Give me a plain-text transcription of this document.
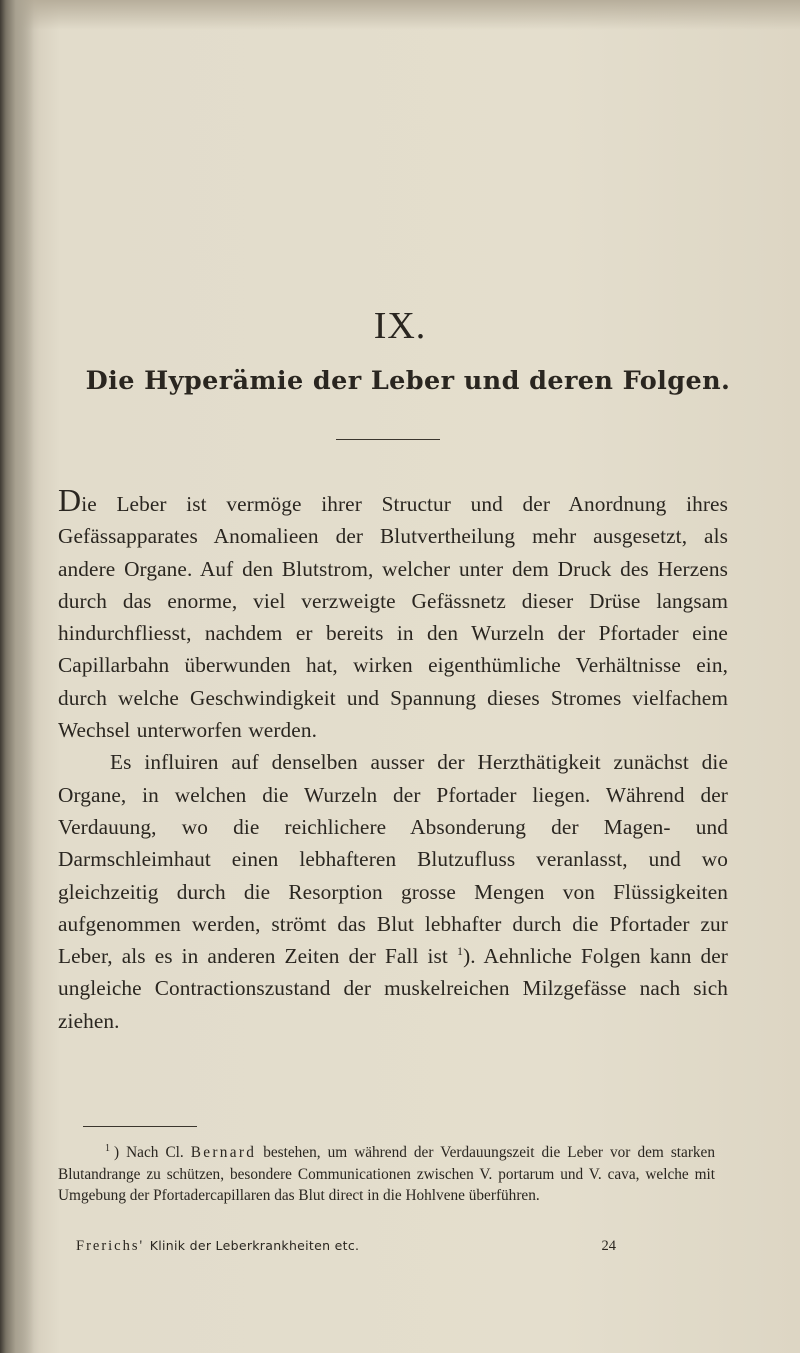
IX.
Die Hyperämie der Leber und deren Folgen.

Die Leber ist vermöge ihrer Structur und der Anordnung ihres Gefässapparates Anomalieen der Blutvertheilung mehr ausgesetzt, als andere Organe. Auf den Blutstrom, welcher unter dem Druck des Herzens durch das enorme, viel verzweigte Gefässnetz dieser Drüse langsam hindurchfliesst, nachdem er bereits in den Wurzeln der Pfortader eine Capillarbahn überwunden hat, wirken eigenthümliche Verhältnisse ein, durch welche Geschwindigkeit und Spannung dieses Stromes vielfachem Wechsel unterworfen werden.

Es influiren auf denselben ausser der Herzthätigkeit zunächst die Organe, in welchen die Wurzeln der Pfortader liegen. Während der Verdauung, wo die reichlichere Absonderung der Magen- und Darmschleimhaut einen lebhafteren Blutzufluss veranlasst, und wo gleichzeitig durch die Resorption grosse Mengen von Flüssigkeiten aufgenommen werden, strömt das Blut lebhafter durch die Pfortader zur Leber, als es in anderen Zeiten der Fall ist $^1$). Aehnliche Folgen kann der ungleiche Contractionszustand der muskelreichen Milzgefässe nach sich ziehen.

$^1$ ) Nach Cl. Bernard bestehen, um während der Verdauungszeit die Leber vor dem starken Blutandrange zu schützen, besondere Communicationen zwischen V. portarum und V. cava, welche mit Umgebung der Pfortadercapillaren das Blut direct in die Hohlvene überführen.

Frerichs' Klinik der Leberkrankheiten etc.	24
